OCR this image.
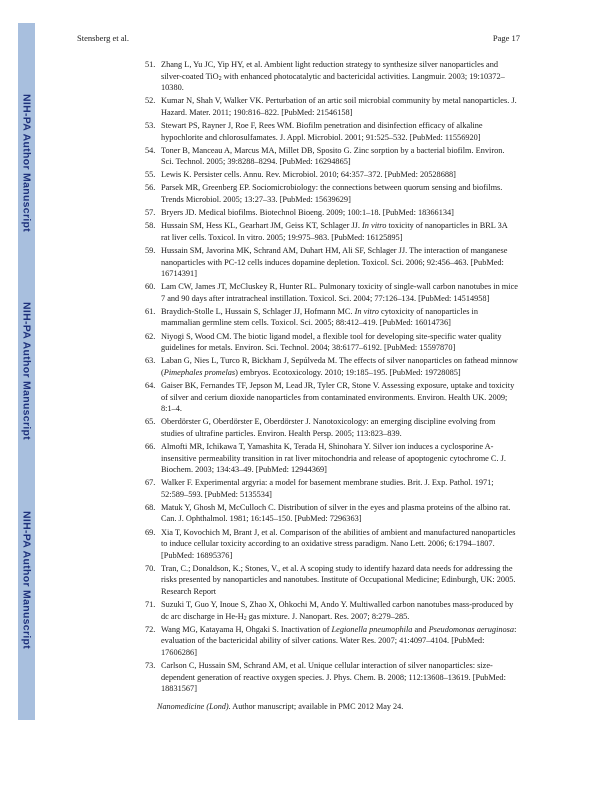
NIH-PA Author Manuscript
NIH-PA Author Manuscript
NIH-PA Author Manuscript
Stensberg et al.	Page 17
51. Zhang L, Yu JC, Yip HY, et al. Ambient light reduction strategy to synthesize silver nanoparticles and silver-coated TiO$_2$ with enhanced photocatalytic and bactericidal activities. Langmuir. 2003; 19:10372–10380.
52. Kumar N, Shah V, Walker VK. Perturbation of an artic soil microbial community by metal nanoparticles. J. Hazard. Mater. 2011; 190:816–822. [PubMed: 21546158]
53. Stewart PS, Rayner J, Roe F, Rees WM. Biofilm penetration and disinfection efficacy of alkaline hypochlorite and chlorosulfamates. J. Appl. Microbiol. 2001; 91:525–532. [PubMed: 11556920]
54. Toner B, Manceau A, Marcus MA, Millet DB, Sposito G. Zinc sorption by a bacterial biofilm. Environ. Sci. Technol. 2005; 39:8288–8294. [PubMed: 16294865]
55. Lewis K. Persister cells. Annu. Rev. Microbiol. 2010; 64:357–372. [PubMed: 20528688]
56. Parsek MR, Greenberg EP. Sociomicrobiology: the connections between quorum sensing and biofilms. Trends Microbiol. 2005; 13:27–33. [PubMed: 15639629]
57. Bryers JD. Medical biofilms. Biotechnol Bioeng. 2009; 100:1–18. [PubMed: 18366134]
58. Hussain SM, Hess KL, Gearhart JM, Geiss KT, Schlager JJ. In vitro toxicity of nanoparticles in BRL 3A rat liver cells. Toxicol. In vitro. 2005; 19:975–983. [PubMed: 16125895]
59. Hussain SM, Javorina MK, Schrand AM, Duhart HM, Ali SF, Schlager JJ. The interaction of manganese nanoparticles with PC-12 cells induces dopamine depletion. Toxicol. Sci. 2006; 92:456–463. [PubMed: 16714391]
60. Lam CW, James JT, McCluskey R, Hunter RL. Pulmonary toxicity of single-wall carbon nanotubes in mice 7 and 90 days after intratracheal instillation. Toxicol. Sci. 2004; 77:126–134. [PubMed: 14514958]
61. Braydich-Stolle L, Hussain S, Schlager JJ, Hofmann MC. In vitro cytoxicity of nanoparticles in mammalian germline stem cells. Toxicol. Sci. 2005; 88:412–419. [PubMed: 16014736]
62. Niyogi S, Wood CM. The biotic ligand model, a flexible tool for developing site-specific water quality guidelines for metals. Environ. Sci. Technol. 2004; 38:6177–6192. [PubMed: 15597870]
63. Laban G, Nies L, Turco R, Bickham J, Sepúlveda M. The effects of silver nanoparticles on fathead minnow (Pimephales promelas) embryos. Ecotoxicology. 2010; 19:185–195. [PubMed: 19728085]
64. Gaiser BK, Fernandes TF, Jepson M, Lead JR, Tyler CR, Stone V. Assessing exposure, uptake and toxicity of silver and cerium dioxide nanoparticles from contaminated environments. Environ. Health UK. 2009; 8:1–4.
65. Oberdörster G, Oberdörster E, Oberdörster J. Nanotoxicology: an emerging discipline evolving from studies of ultrafine particles. Environ. Health Persp. 2005; 113:823–839.
66. Almofti MR, Ichikawa T, Yamashita K, Terada H, Shinohara Y. Silver ion induces a cyclosporine A-insensitive permeability transition in rat liver mitochondria and release of apoptogenic cytochrome C. J. Biochem. 2003; 134:43–49. [PubMed: 12944369]
67. Walker F. Experimental argyria: a model for basement membrane studies. Brit. J. Exp. Pathol. 1971; 52:589–593. [PubMed: 5135534]
68. Matuk Y, Ghosh M, McCulloch C. Distribution of silver in the eyes and plasma proteins of the albino rat. Can. J. Ophthalmol. 1981; 16:145–150. [PubMed: 7296363]
69. Xia T, Kovochich M, Brant J, et al. Comparison of the abilities of ambient and manufactured nanoparticles to induce cellular toxicity according to an oxidative stress paradigm. Nano Lett. 2006; 6:1794–1807. [PubMed: 16895376]
70. Tran, C.; Donaldson, K.; Stones, V., et al. A scoping study to identify hazard data needs for addressing the risks presented by nanoparticles and nanotubes. Institute of Occupational Medicine; Edinburgh, UK: 2005. Research Report
71. Suzuki T, Guo Y, Inoue S, Zhao X, Ohkochi M, Ando Y. Multiwalled carbon nanotubes mass-produced by dc arc discharge in $He-H_2$ gas mixture. J. Nanopart. Res. 2007; 8:279–285.
72. Wang MG, Katayama H, Ohgaki S. Inactivation of Legionella pneumophila and Pseudomonas aeruginosa: evaluation of the bactericidal ability of silver cations. Water Res. 2007; 41:4097–4104. [PubMed: 17606286]
73. Carlson C, Hussain SM, Schrand AM, et al. Unique cellular interaction of silver nanoparticles: size-dependent generation of reactive oxygen species. J. Phys. Chem. B. 2008; 112:13608–13619. [PubMed: 18831567]
Nanomedicine (Lond). Author manuscript; available in PMC 2012 May 24.
